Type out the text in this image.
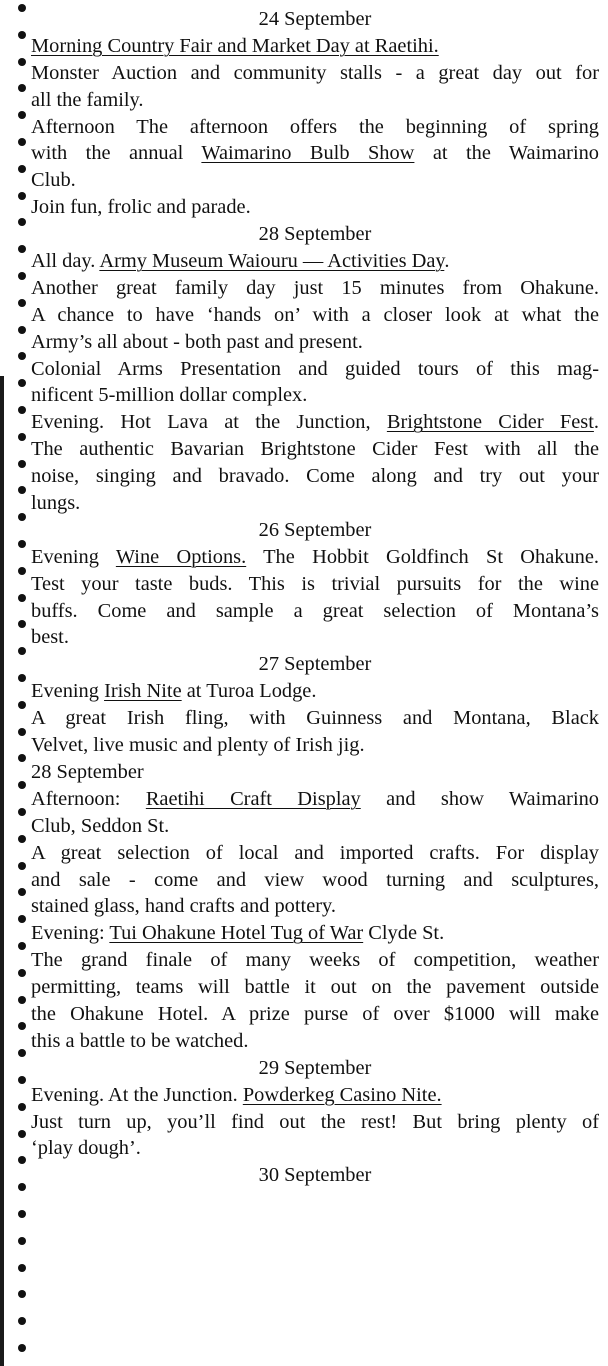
24 September
Morning Country Fair and Market Day at Raetihi.
Monster Auction and community stalls - a great day out for
all the family.
Afternoon The afternoon offers the beginning of spring
with the annual Waimarino Bulb Show at the Waimarino
Club.
Join fun, frolic and parade.
28 September
All day. Army Museum Waiouru — Activities Day.
Another great family day just 15 minutes from Ohakune.
A chance to have ‘hands on’ with a closer look at what the
Army’s all about - both past and present.
Colonial Arms Presentation and guided tours of this mag-
nificent 5-million dollar complex.
Evening. Hot Lava at the Junction, Brightstone Cider Fest.
The authentic Bavarian Brightstone Cider Fest with all the
noise, singing and bravado. Come along and try out your
lungs.
26 September
Evening Wine Options. The Hobbit Goldfinch St Ohakune.
Test your taste buds. This is trivial pursuits for the wine
buffs. Come and sample a great selection of Montana’s
best.
27 September
Evening Irish Nite at Turoa Lodge.
A great Irish fling, with Guinness and Montana, Black
Velvet, live music and plenty of Irish jig.
28 September
Afternoon: Raetihi Craft Display and show Waimarino
Club, Seddon St.
A great selection of local and imported crafts. For display
and sale - come and view wood turning and sculptures,
stained glass, hand crafts and pottery.
Evening: Tui Ohakune Hotel Tug of War Clyde St.
The grand finale of many weeks of competition, weather
permitting, teams will battle it out on the pavement outside
the Ohakune Hotel. A prize purse of over $1000 will make
this a battle to be watched.
29 September
Evening. At the Junction. Powderkeg Casino Nite.
Just turn up, you’ll find out the rest! But bring plenty of
‘play dough’.
30 September
